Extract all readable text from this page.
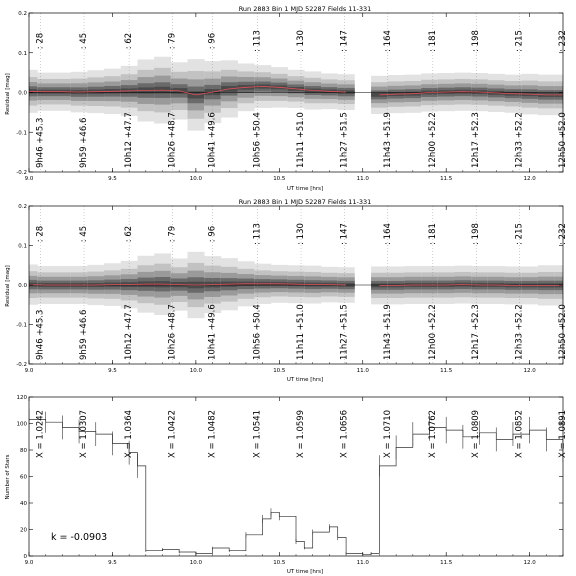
Run 2883 Bin 1 MJD 52287 Fields 11-331
-0.2
-0.1
0.0
0.1
0.2
9.0	9.5	10.0	10.5	11.0	11.5	12.0
: 28	: 45	: 62	: 79	: 96	: 113	: 130	: 147	: 164	: 181	: 198	: 215	: 232
9h46 +45.3	9h59 +46.6	10h12 +47.7	10h26 +48.7	10h41 +49.6	10h56 +50.4	11h11 +51.0	11h27 +51.5	11h43 +51.9	12h00 +52.2	12h17 +52.3	12h33 +52.2	12h50 +52.0
UT time [hrs]
Residual [mag]
Run 2883 Bin 1 MJD 52287 Fields 11-331
-0.2
-0.1
0.0
0.1
0.2
9.0	9.5	10.0	10.5	11.0	11.5	12.0
: 28	: 45	: 62	: 79	: 96	: 113	: 130	: 147	: 164	: 181	: 198	: 215	: 232
9h46 +45.3	9h59 +46.6	10h12 +47.7	10h26 +48.7	10h41 +49.6	10h56 +50.4	11h11 +51.0	11h27 +51.5	11h43 +51.9	12h00 +52.2	12h17 +52.3	12h33 +52.2	12h50 +52.0
UT time [hrs]
Residual [mag]
0
20
40
60
80
100
120
9.0	9.5	10.0	10.5	11.0	11.5	12.0
X = 1.0242	X = 1.0307	X = 1.0364	X = 1.0422	X = 1.0482	X = 1.0541	X = 1.0599	X = 1.0656	X = 1.0710	X = 1.0762	X = 1.0809	X = 1.0852	X = 1.0891
k = -0.0903
UT time [hrs]
Number of Stars
